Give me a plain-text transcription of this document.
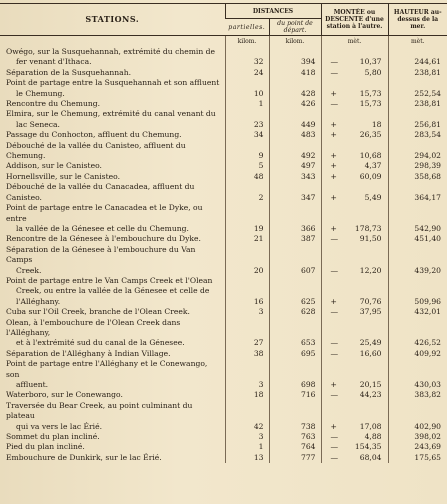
STATIONS.	DISTANCES		MONTÉE ou DESCENTE d'une station à l'autre.	HAUTEUR au-dessus de la mer.
	partielles.	du point de départ.		
	kilom.	kilom.	mèt.	mèt.
Owégo, sur la Susquehannah, extrémité du chemin de
fer venant d'Ithaca.	32	394	— 10,37	244,61
Séparation de la Susquehannah.	24	418	— 5,80	238,81
Point de partage entre la Susquehannah et son affluent
le Chemung.	10	428	+ 15,73	252,54
Rencontre du Chemung.	1	426	— 15,73	238,81
Elmira, sur le Chemung, extrémité du canal venant du
lac Seneca.	23	449	+ 18	256,81
Passage du Conhocton, affluent du Chemung.	34	483	+ 26,35	283,54
Débouché de la vallée du Canisteo, affluent du Chemung.	9	492	+ 10,68	294,02
Addison, sur le Canisteo.	5	497	+ 4,37	298,39
Hornellsville, sur le Canisteo.	48	343	+ 60,09	358,68
Débouché de la vallée du Canacadea, affluent du Canisteo.	2	347	+ 5,49	364,17
Point de partage entre le Canacadea et le Dyke, ou entre
la vallée de la Génesee et celle du Chemung.	19	366	+ 178,73	542,90
Rencontre de la Génesee à l'embouchure du Dyke.	21	387	— 91,50	451,40
Séparation de la Génesee à l'embouchure du Van Camps
Creek.	20	607	— 12,20	439,20
Point de partage entre le Van Camps Creek et l'Olean
Creek, ou entre la vallée de la Génesee et celle de
l'Alléghany.	16	625	+ 70,76	509,96
Cuba sur l'Oil Creek, branche de l'Olean Creek.	3	628	— 37,95	432,01
Olean, à l'embouchure de l'Olean Creek dans l'Alléghany,
et à l'extrémité sud du canal de la Génesee.	27	653	— 25,49	426,52
Séparation de l'Alléghany à Indian Village.	38	695	— 16,60	409,92
Point de partage entre l'Alléghany et le Conewango, son
affluent.	3	698	+ 20,15	430,03
Waterboro, sur le Conewango.	18	716	— 44,23	383,82
Traversée du Bear Creek, au point culminant du plateau
qui va vers le lac Érié.	42	738	+ 17,08	402,90
Sommet du plan incliné.	3	763	— 4,88	398,02
Pied du plan incliné.	1	764	— 154,35	243,69
Embouchure de Dunkirk, sur le lac Érié.	13	777	— 68,04	175,65
